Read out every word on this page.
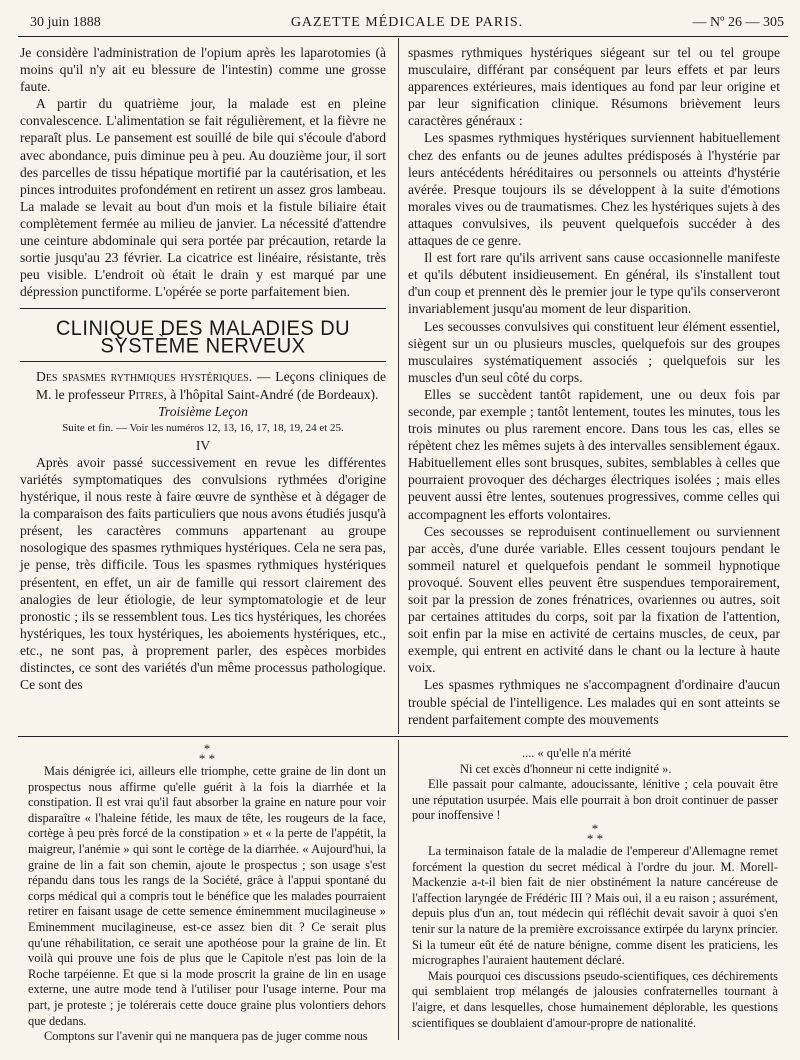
30 juin 1888	GAZETTE MÉDICALE DE PARIS.	— Nº 26 — 305

Je considère l'administration de l'opium après les laparotomies (à moins qu'il n'y ait eu blessure de l'intestin) comme une grosse faute.

A partir du quatrième jour, la malade est en pleine convalescence. L'alimentation se fait régulièrement, et la fièvre ne reparaît plus. Le pansement est souillé de bile qui s'écoule d'abord avec abondance, puis diminue peu à peu. Au douzième jour, il sort des parcelles de tissu hépatique mortifié par la cautérisation, et les pinces introduites profondément en retirent un assez gros lambeau. La malade se levait au bout d'un mois et la fistule biliaire était complètement fermée au milieu de janvier. La nécessité d'attendre une ceinture abdominale qui sera portée par précaution, retarde la sortie jusqu'au 23 février. La cicatrice est linéaire, résistante, très peu visible. L'endroit où était le drain y est marqué par une dépression punctiforme. L'opérée se porte parfaitement bien.

CLINIQUE DES MALADIES DU SYSTÈME NERVEUX

Des spasmes rythmiques hystériques. — Leçons cliniques de M. le professeur Pitres, à l'hôpital Saint-André (de Bordeaux).

Troisième Leçon

Suite et fin. — Voir les numéros 12, 13, 16, 17, 18, 19, 24 et 25.

IV

Après avoir passé successivement en revue les différentes variétés symptomatiques des convulsions rythmées d'origine hystérique, il nous reste à faire œuvre de synthèse et à dégager de la comparaison des faits particuliers que nous avons étudiés jusqu'à présent, les caractères communs appartenant au groupe nosologique des spasmes rythmiques hystériques. Cela ne sera pas, je pense, très difficile. Tous les spasmes rythmiques hystériques présentent, en effet, un air de famille qui ressort clairement des analogies de leur étiologie, de leur symptomatologie et de leur pronostic ; ils se ressemblent tous. Les tics hystériques, les chorées hystériques, les toux hystériques, les aboiements hystériques, etc., etc., ne sont pas, à proprement parler, des espèces morbides distinctes, ce sont des variétés d'un même processus pathologique. Ce sont des

spasmes rythmiques hystériques siégeant sur tel ou tel groupe musculaire, différant par conséquent par leurs effets et par leurs apparences extérieures, mais identiques au fond par leur origine et par leur signification clinique. Résumons brièvement leurs caractères généraux :

Les spasmes rythmiques hystériques surviennent habituellement chez des enfants ou de jeunes adultes prédisposés à l'hystérie par leurs antécédents héréditaires ou personnels ou atteints d'hystérie avérée. Presque toujours ils se développent à la suite d'émotions morales vives ou de traumatismes. Chez les hystériques sujets à des attaques convulsives, ils peuvent quelquefois succéder à des attaques de ce genre.

Il est fort rare qu'ils arrivent sans cause occasionnelle manifeste et qu'ils débutent insidieusement. En général, ils s'installent tout d'un coup et prennent dès le premier jour le type qu'ils conserveront invariablement jusqu'au moment de leur disparition.

Les secousses convulsives qui constituent leur élément essentiel, siègent sur un ou plusieurs muscles, quelquefois sur des groupes musculaires systématiquement associés ; quelquefois sur les muscles d'un seul côté du corps.

Elles se succèdent tantôt rapidement, une ou deux fois par seconde, par exemple ; tantôt lentement, toutes les minutes, tous les trois minutes ou plus rarement encore. Dans tous les cas, elles se répètent chez les mêmes sujets à des intervalles sensiblement égaux. Habituellement elles sont brusques, subites, semblables à celles que pourraient provoquer des décharges électriques isolées ; mais elles peuvent aussi être lentes, soutenues progressives, comme celles qui accompagnent les efforts volontaires.

Ces secousses se reproduisent continuellement ou surviennent par accès, d'une durée variable. Elles cessent toujours pendant le sommeil naturel et quelquefois pendant le sommeil hypnotique provoqué. Souvent elles peuvent être suspendues temporairement, soit par la pression de zones frénatrices, ovariennes ou autres, soit par certaines attitudes du corps, soit par la fixation de l'attention, soit enfin par la mise en activité de certains muscles, de ceux, par exemple, qui entrent en activité dans le chant ou la lecture à haute voix.

Les spasmes rythmiques ne s'accompagnent d'ordinaire d'aucun trouble spécial de l'intelligence. Les malades qui en sont atteints se rendent parfaitement compte des mouvements

*
* *

Mais dénigrée ici, ailleurs elle triomphe, cette graine de lin dont un prospectus nous affirme qu'elle guérit à la fois la diarrhée et la constipation. Il est vrai qu'il faut absorber la graine en nature pour voir disparaître « l'haleine fétide, les maux de tête, les rougeurs de la face, cortège à peu près forcé de la constipation » et « la perte de l'appétit, la maigreur, l'anémie » qui sont le cortège de la diarrhée. « Aujourd'hui, la graine de lin a fait son chemin, ajoute le prospectus ; son usage s'est répandu dans tous les rangs de la Société, grâce à l'appui spontané du corps médical qui a compris tout le bénéfice que les malades pourraient retirer en faisant usage de cette semence éminemment mucilagineuse » Eminemment mucilagineuse, est-ce assez bien dit ? Ce serait plus qu'une réhabilitation, ce serait une apothéose pour la graine de lin. Et voilà qui prouve une fois de plus que le Capitole n'est pas loin de la Roche tarpéienne. Et que si la mode proscrit la graine de lin en usage externe, une autre mode tend à l'utiliser pour l'usage interne. Pour ma part, je proteste ; je tolérerais cette douce graine plus volontiers dehors que dedans.

Comptons sur l'avenir qui ne manquera pas de juger comme nous

.... « qu'elle n'a mérité

Ni cet excès d'honneur ni cette indignité ».

Elle passait pour calmante, adoucissante, lénitive ; cela pouvait être une réputation usurpée. Mais elle pourrait à bon droit continuer de passer pour inoffensive !

*
* *

La terminaison fatale de la maladie de l'empereur d'Allemagne remet forcément la question du secret médical à l'ordre du jour. M. Morell-Mackenzie a-t-il bien fait de nier obstinément la nature cancéreuse de l'affection laryngée de Frédéric III ? Mais oui, il a eu raison ; assurément, depuis plus d'un an, tout médecin qui réfléchit devait savoir à quoi s'en tenir sur la nature de la première excroissance extirpée du larynx princier. Si la tumeur eût été de nature bénigne, comme disent les praticiens, les micrographes l'auraient hautement déclaré.

Mais pourquoi ces discussions pseudo-scientifiques, ces déchirements qui semblaient trop mélangés de jalousies confraternelles tournant à l'aigre, et dans lesquelles, chose humainement déplorable, les questions scientifiques se doublaient d'amour-propre de nationalité.
